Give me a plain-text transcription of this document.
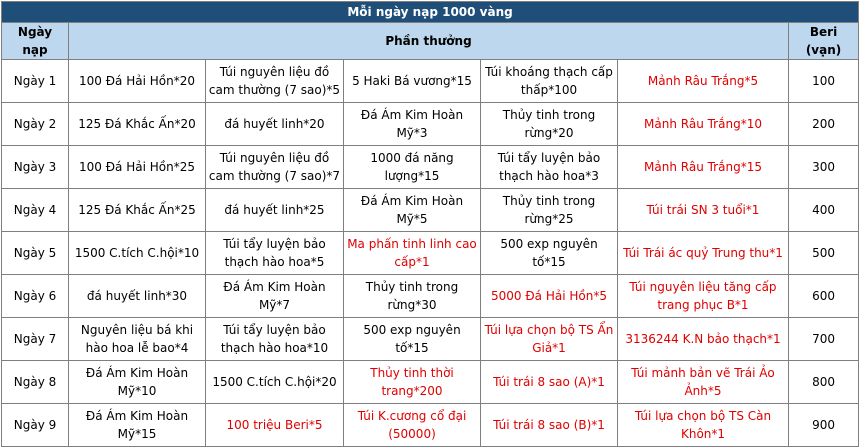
Mỗi ngày nạp 1000 vàng						
Ngày nạp	Phần thưởng					Beri (vạn)
Ngày 1	100 Đá Hải Hồn*20	Túi nguyên liệu đồ cam thường (7 sao)*5	5 Haki Bá vương*15	Túi khoáng thạch cấp thấp*100	Mảnh Râu Trắng*5	100
Ngày 2	125 Đá Khắc Ấn*20	đá huyết linh*20	Đá Ám Kim Hoàn Mỹ*3	Thủy tinh trong rừng*20	Mảnh Râu Trắng*10	200
Ngày 3	100 Đá Hải Hồn*25	Túi nguyên liệu đồ cam thường (7 sao)*7	1000 đá năng lượng*15	Túi tẩy luyện bảo thạch hào hoa*3	Mảnh Râu Trắng*15	300
Ngày 4	125 Đá Khắc Ấn*25	đá huyết linh*25	Đá Ám Kim Hoàn Mỹ*5	Thủy tinh trong rừng*25	Túi trái SN 3 tuổi*1	400
Ngày 5	1500 C.tích C.hội*10	Túi tẩy luyện bảo thạch hào hoa*5	Ma phấn tinh linh cao cấp*1	500 exp nguyên tố*15	Túi Trái ác quỷ Trung thu*1	500
Ngày 6	đá huyết linh*30	Đá Ám Kim Hoàn Mỹ*7	Thủy tinh trong rừng*30	5000 Đá Hải Hồn*5	Túi nguyên liệu tăng cấp trang phục B*1	600
Ngày 7	Nguyên liệu bá khi hào hoa lễ bao*4	Túi tẩy luyện bảo thạch hào hoa*10	500 exp nguyên tố*15	Túi lựa chọn bộ TS Ẩn Giả*1	3136244 K.N bảo thạch*1	700
Ngày 8	Đá Ám Kim Hoàn Mỹ*10	1500 C.tích C.hội*20	Thủy tinh thời trang*200	Túi trái 8 sao (A)*1	Túi mảnh bản vẽ Trái Ảo Ảnh*5	800
Ngày 9	Đá Ám Kim Hoàn Mỹ*15	100 triệu Beri*5	Túi K.cương cổ đại (50000)	Túi trái 8 sao (B)*1	Túi lựa chọn bộ TS Càn Khôn*1	900
